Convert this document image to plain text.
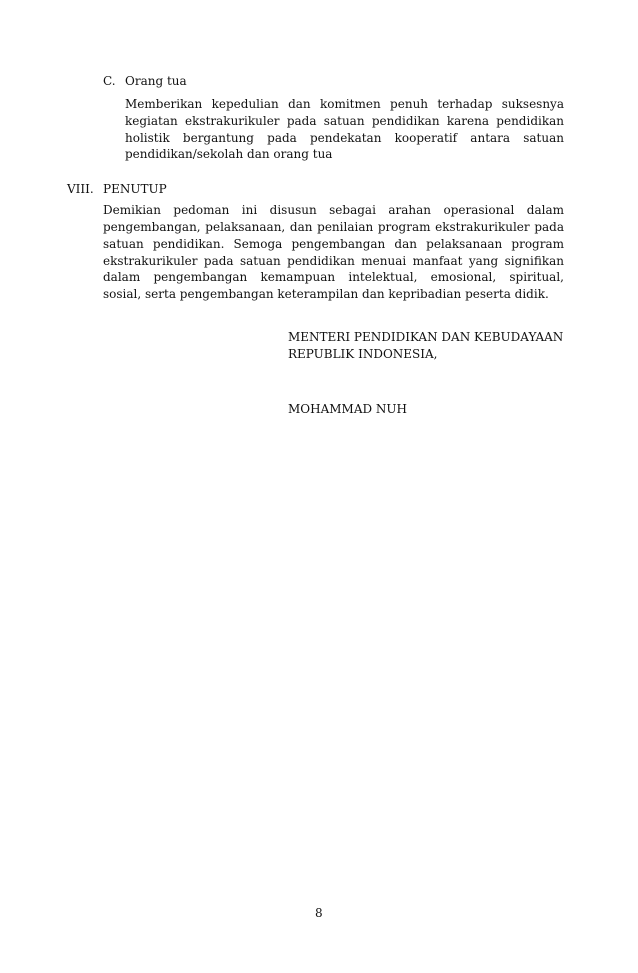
C. Orang tua
Memberikan kepedulian dan komitmen penuh terhadap suksesnya
kegiatan ekstrakurikuler pada satuan pendidikan karena pendidikan
holistik bergantung pada pendekatan kooperatif antara satuan
pendidikan/sekolah dan orang tua
VIII. PENUTUP
Demikian pedoman ini disusun sebagai arahan operasional dalam
pengembangan, pelaksanaan, dan penilaian program ekstrakurikuler pada
satuan pendidikan. Semoga pengembangan dan pelaksanaan program
ekstrakurikuler pada satuan pendidikan menuai manfaat yang signifikan
dalam pengembangan kemampuan intelektual, emosional, spiritual,
sosial, serta pengembangan keterampilan dan kepribadian peserta didik.
MENTERI PENDIDIKAN DAN KEBUDAYAAN
REPUBLIK INDONESIA,
MOHAMMAD NUH
8
